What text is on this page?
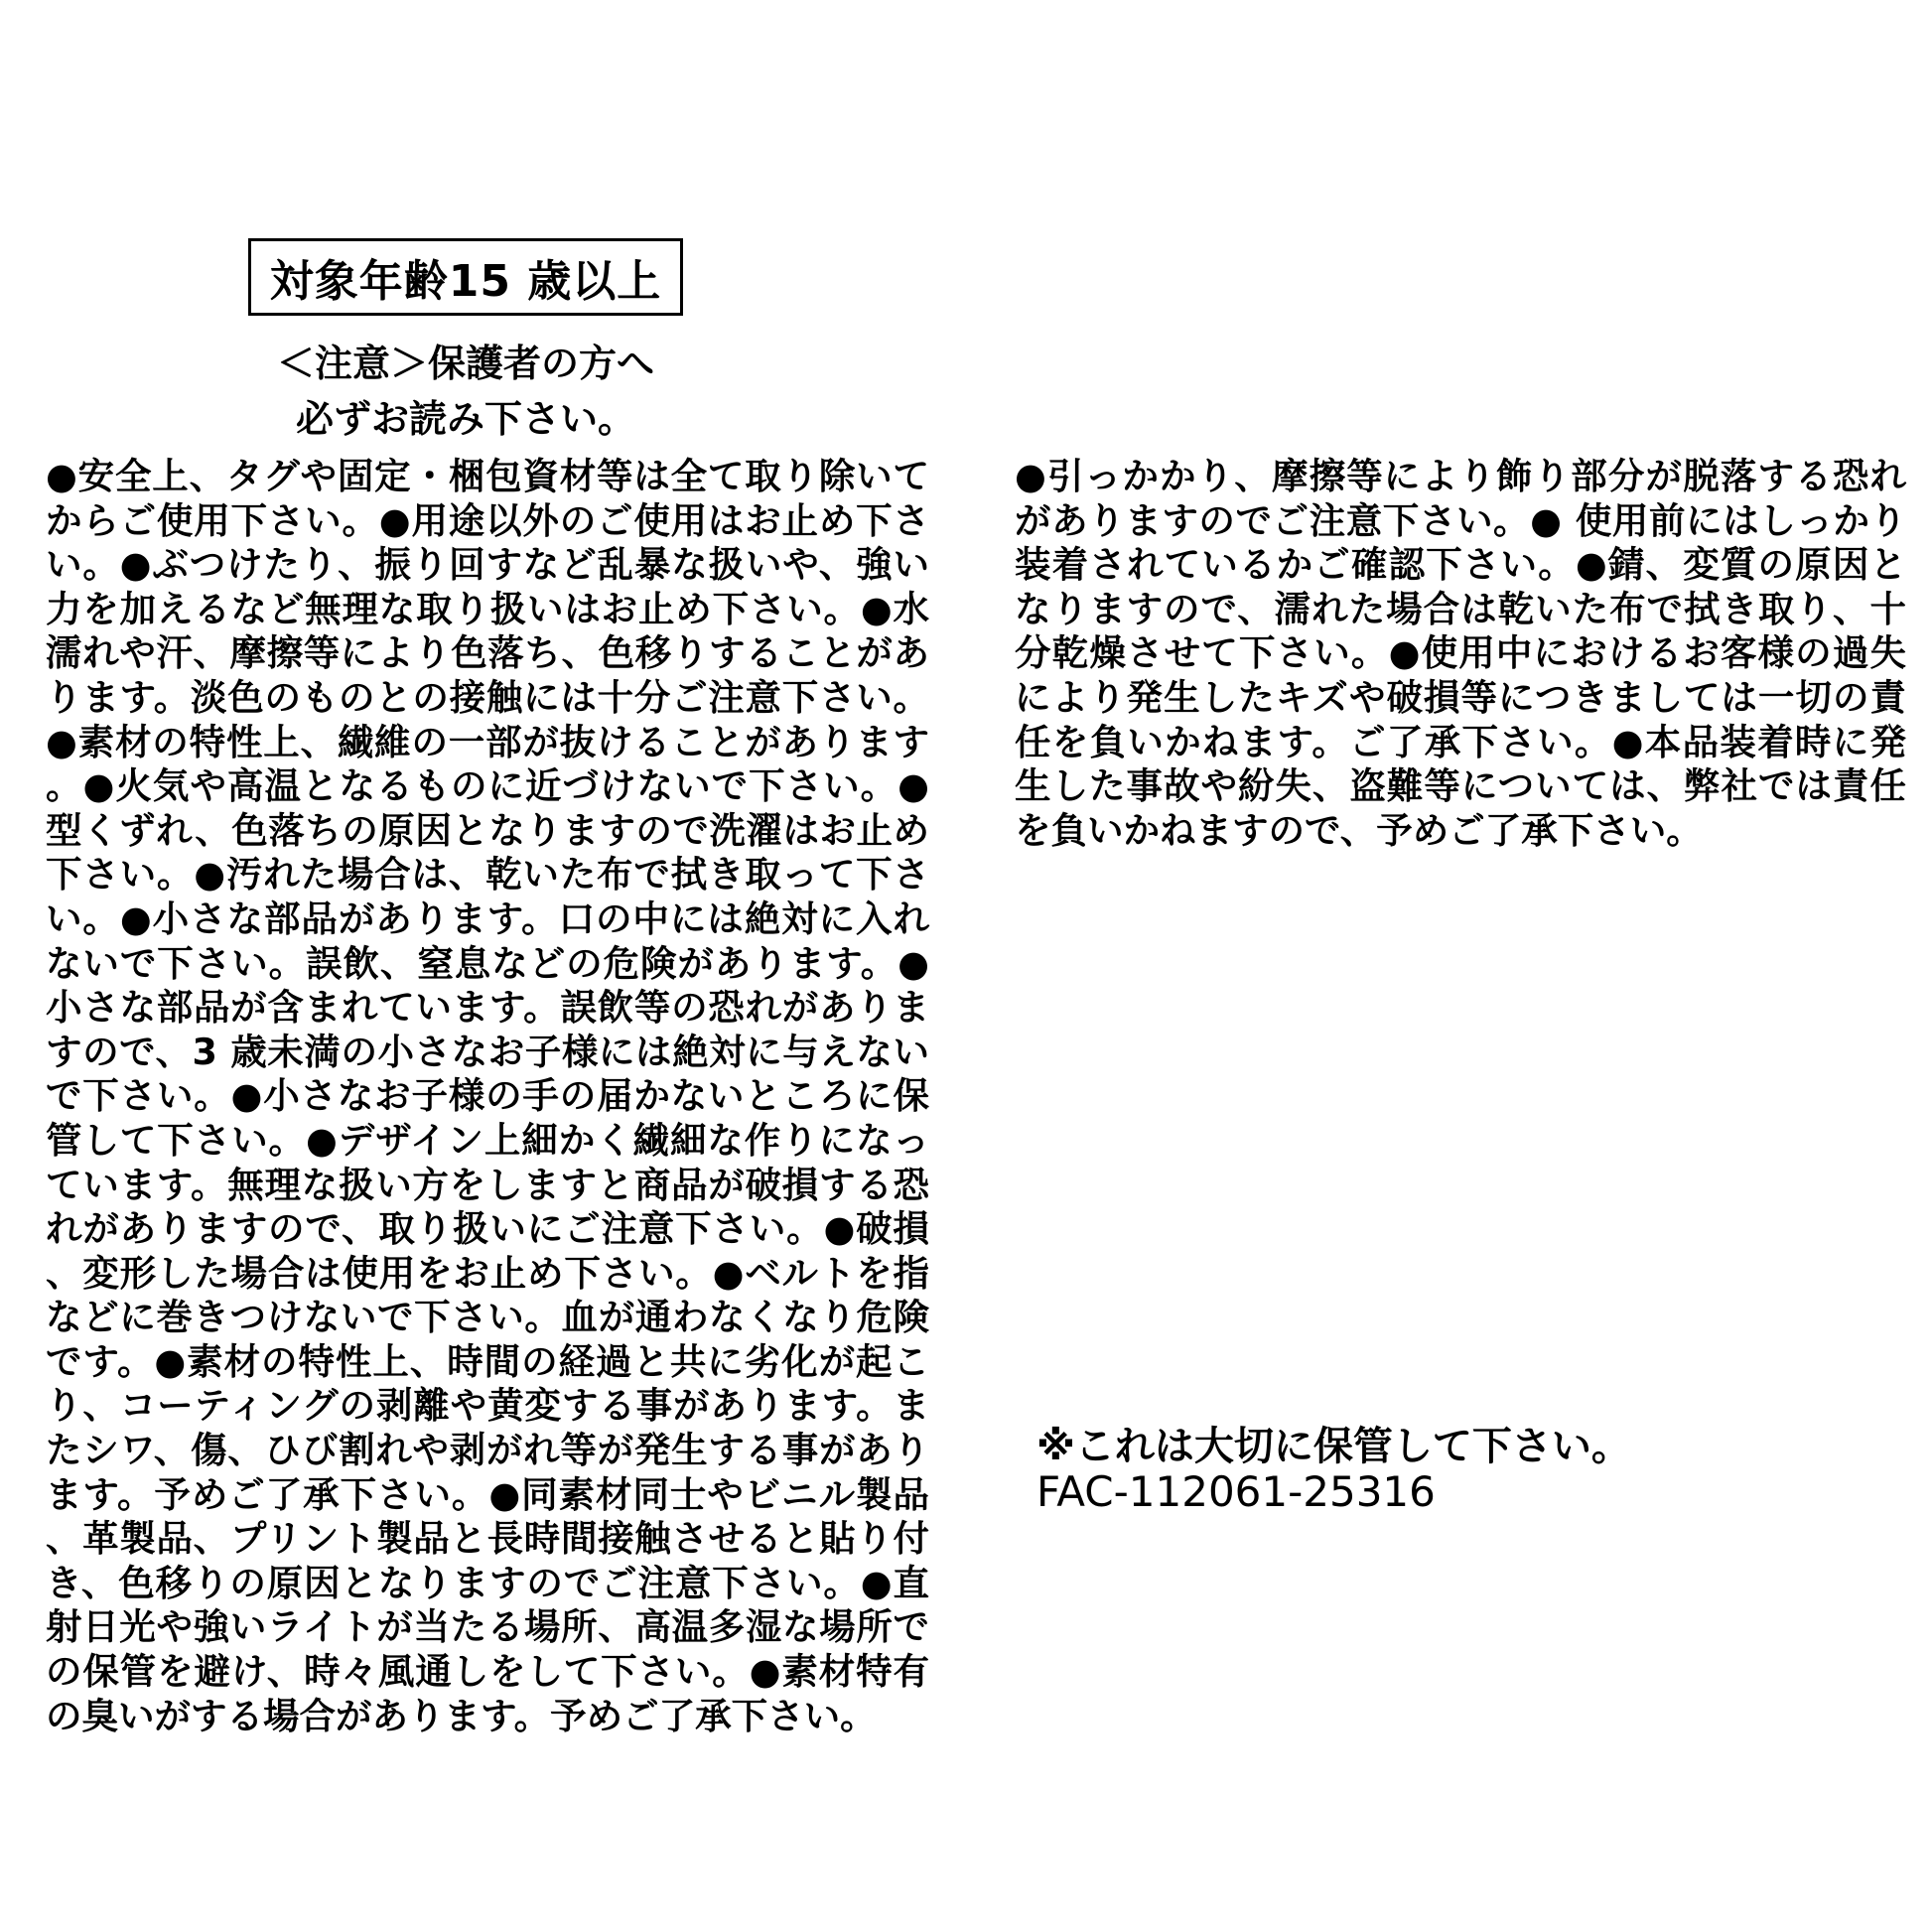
対象年齢15 歳以上
＜注意＞保護者の方へ
必ずお読み下さい。
●安全上、タグや固定・梱包資材等は全て取り除いてからご使用下さい。●用途以外のご使用はお止め下さい。●ぶつけたり、振り回すなど乱暴な扱いや、強い力を加えるなど無理な取り扱いはお止め下さい。●水濡れや汗、摩擦等により色落ち、色移りすることがあります。淡色のものとの接触には十分ご注意下さい。●素材の特性上、繊維の一部が抜けることがあります。●火気や高温となるものに近づけないで下さい。●型くずれ、色落ちの原因となりますので洗濯はお止め下さい。●汚れた場合は、乾いた布で拭き取って下さい。●小さな部品があります。口の中には絶対に入れないで下さい。誤飲、窒息などの危険があります。●小さな部品が含まれています。誤飲等の恐れがありますので、3 歳未満の小さなお子様には絶対に与えないで下さい。●小さなお子様の手の届かないところに保管して下さい。●デザイン上細かく繊細な作りになっています。無理な扱い方をしますと商品が破損する恐れがありますので、取り扱いにご注意下さい。●破損、変形した場合は使用をお止め下さい。●ベルトを指などに巻きつけないで下さい。血が通わなくなり危険です。●素材の特性上、時間の経過と共に劣化が起こり、コーティングの剥離や黄変する事があります。またシワ、傷、ひび割れや剥がれ等が発生する事があります。予めご了承下さい。●同素材同士やビニル製品、革製品、プリント製品と長時間接触させると貼り付き、色移りの原因となりますのでご注意下さい。●直射日光や強いライトが当たる場所、高温多湿な場所での保管を避け、時々風通しをして下さい。●素材特有の臭いがする場合があります。予めご了承下さい。
●引っかかり、摩擦等により飾り部分が脱落する恐れがありますのでご注意下さい。● 使用前にはしっかり装着されているかご確認下さい。●錆、変質の原因となりますので、濡れた場合は乾いた布で拭き取り、十分乾燥させて下さい。●使用中におけるお客様の過失により発生したキズや破損等につきましては一切の責任を負いかねます。ご了承下さい。●本品装着時に発生した事故や紛失、盗難等については、弊社では責任を負いかねますので、予めご了承下さい。
※これは大切に保管して下さい。
FAC-112061-25316
